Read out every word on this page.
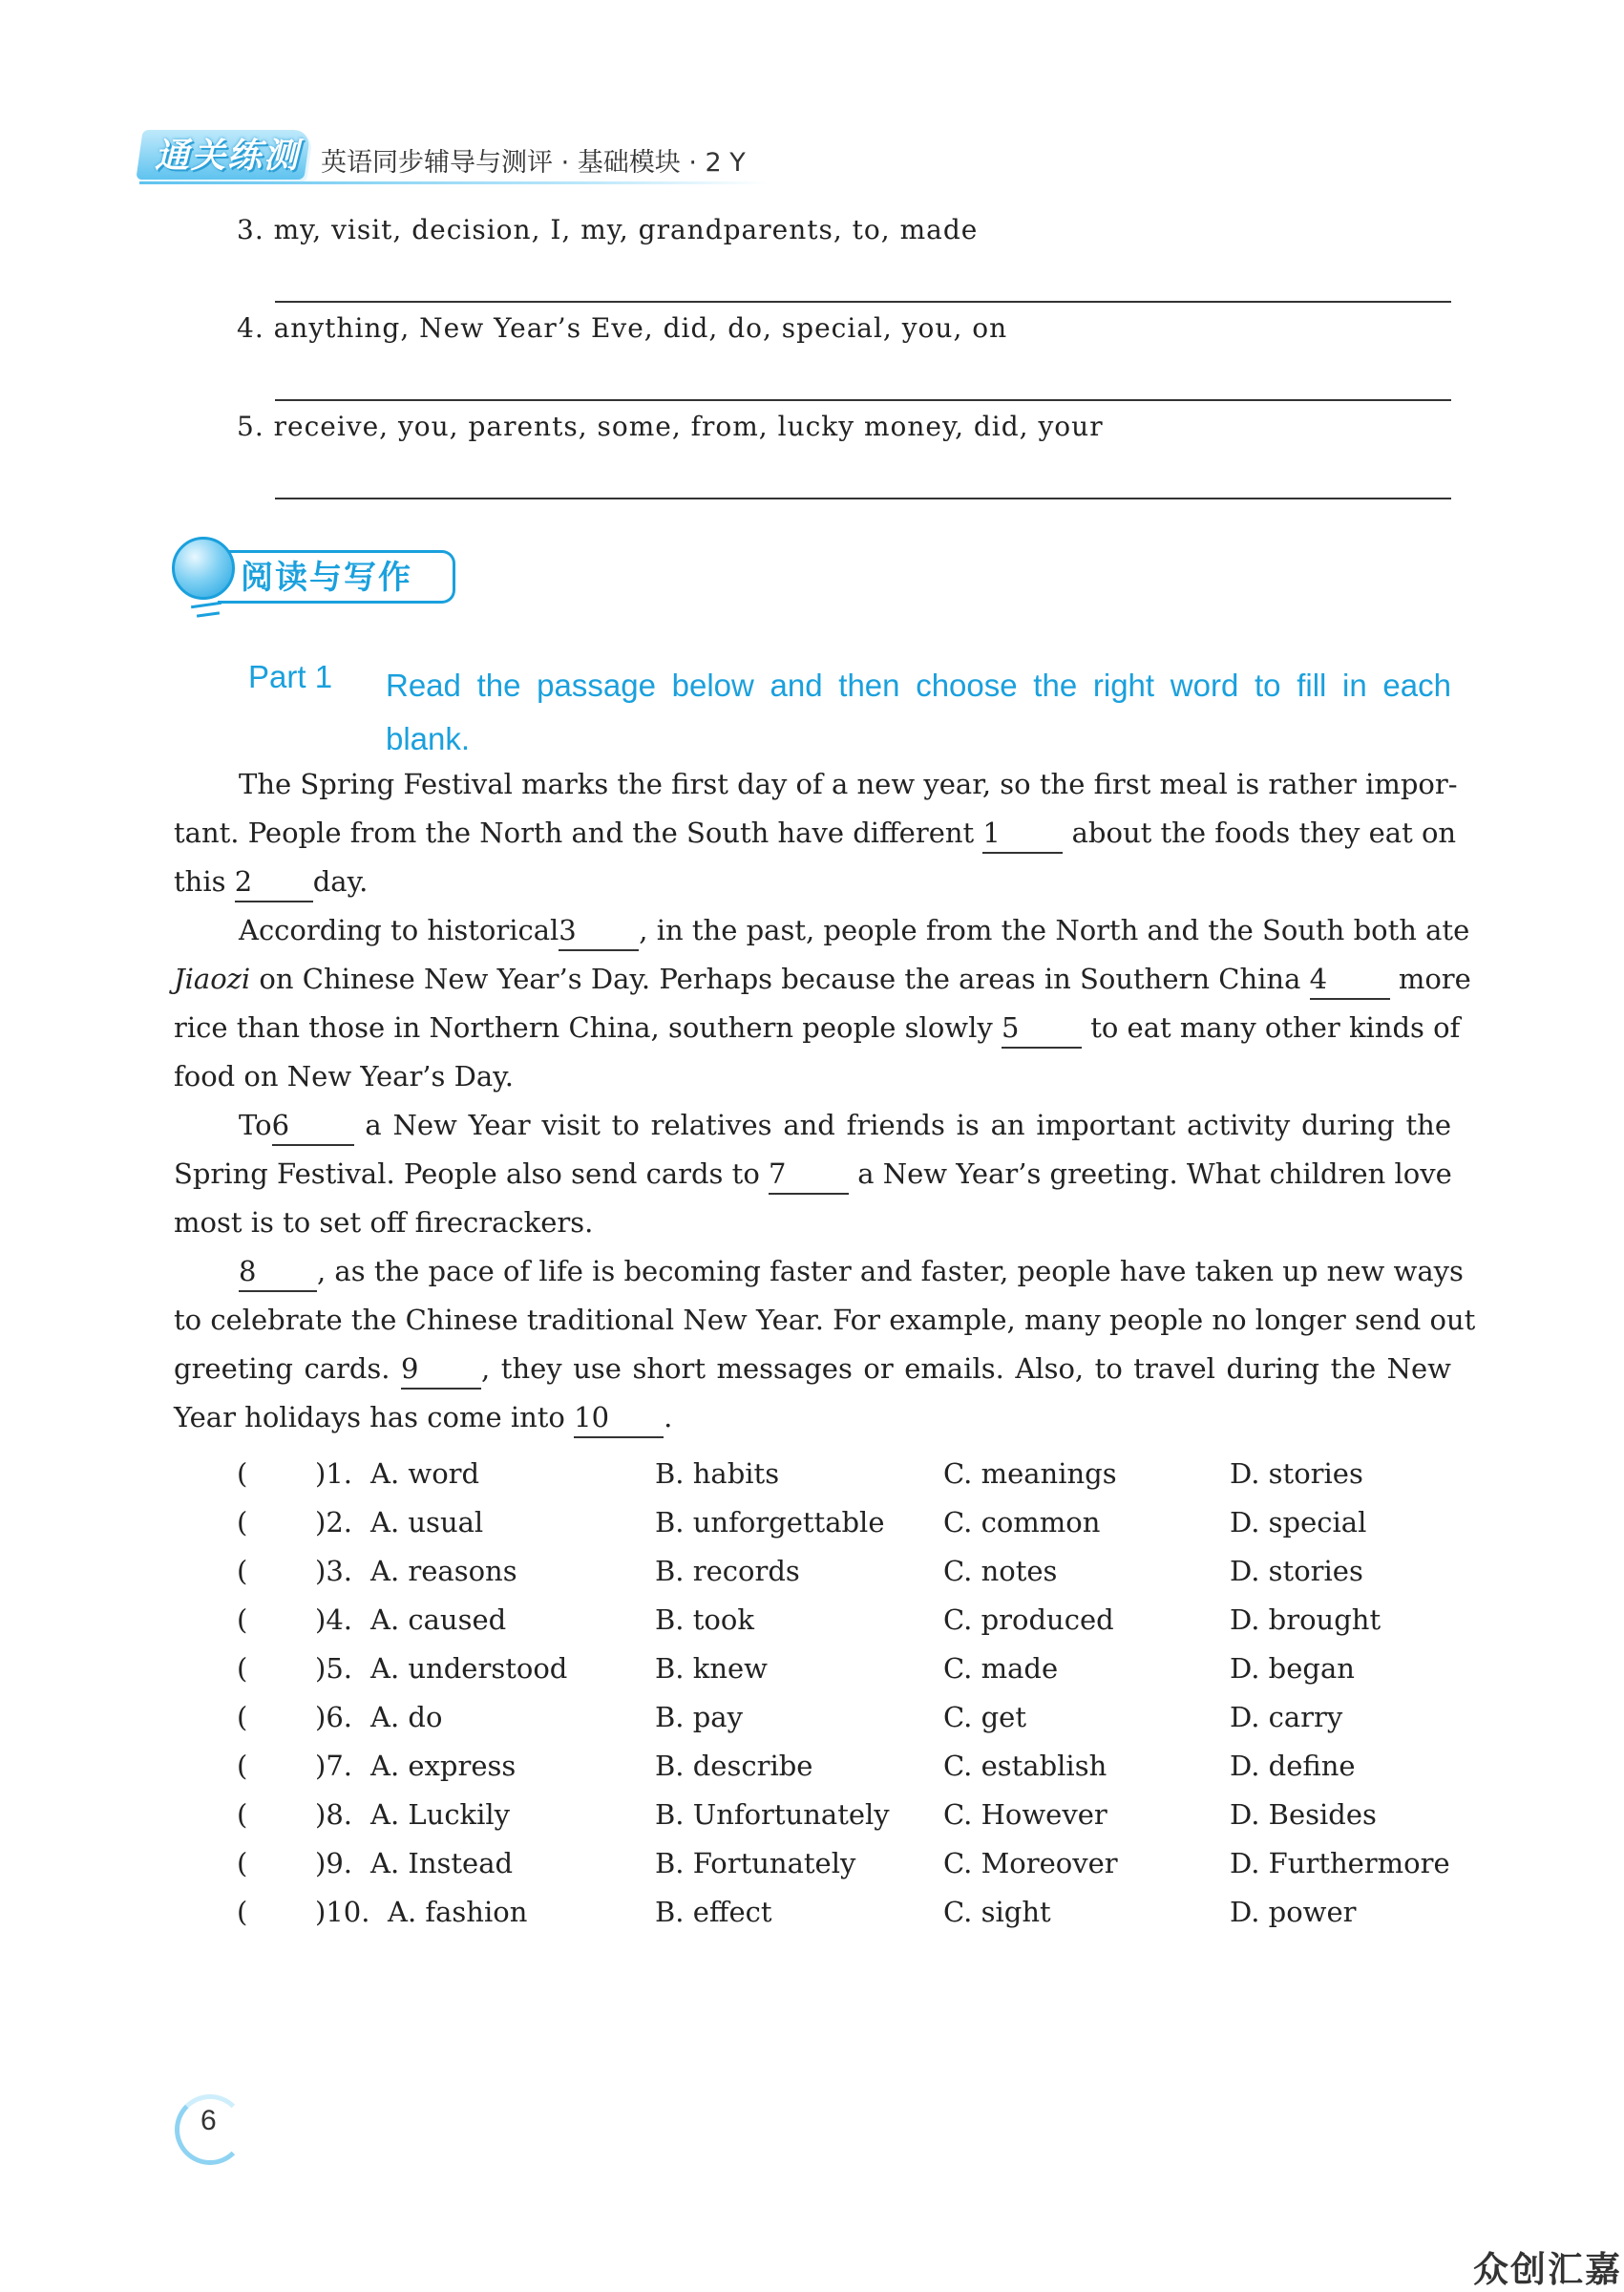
通关练测 英语同步辅导与测评 · 基础模块 · 2 Y
3. my, visit, decision, I, my, grandparents, to, made
4. anything, New Year’s Eve, did, do, special, you, on
5. receive, you, parents, some, from, lucky money, did, your
阅读与写作
Part 1 Read the passage below and then choose the right word to fill in each blank.
The Spring Festival marks the first day of a new year, so the first meal is rather impor-
tant. People from the North and the South have different 1	about the foods they eat on
this 2 day.
According to historical3 , in the past, people from the North and the South both ate
Jiaozi on Chinese New Year’s Day. Perhaps because the areas in Southern China 4	more
rice than those in Northern China, southern people slowly 5	to eat many other kinds of
food on New Year’s Day.
To6	a New Year visit to relatives and friends is an important activity during the
Spring Festival. People also send cards to 7	a New Year’s greeting. What children love
most is to set off firecrackers.
8 , as the pace of life is becoming faster and faster, people have taken up new ways
to celebrate the Chinese traditional New Year. For example, many people no longer send out
greeting cards. 9 , they use short messages or emails. Also, to travel during the New
Year holidays has come into 10 .
( )1. A. word	B. habits	C. meanings	D. stories
( )2. A. usual	B. unforgettable C. common	D. special
( )3. A. reasons	B. records	C. notes	D. stories
( )4. A. caused	B. took	C. produced	D. brought
( )5. A. understood	B. knew	C. made	D. began
( )6. A. do	B. pay	C. get	D. carry
( )7. A. express	B. describe	C. establish	D. define
( )8. A. Luckily	B. Unfortunately C. However	D. Besides
( )9. A. Instead	B. Fortunately	C. Moreover	D. Furthermore
( )10. A. fashion	B. effect	C. sight	D. power
6
众创汇嘉
